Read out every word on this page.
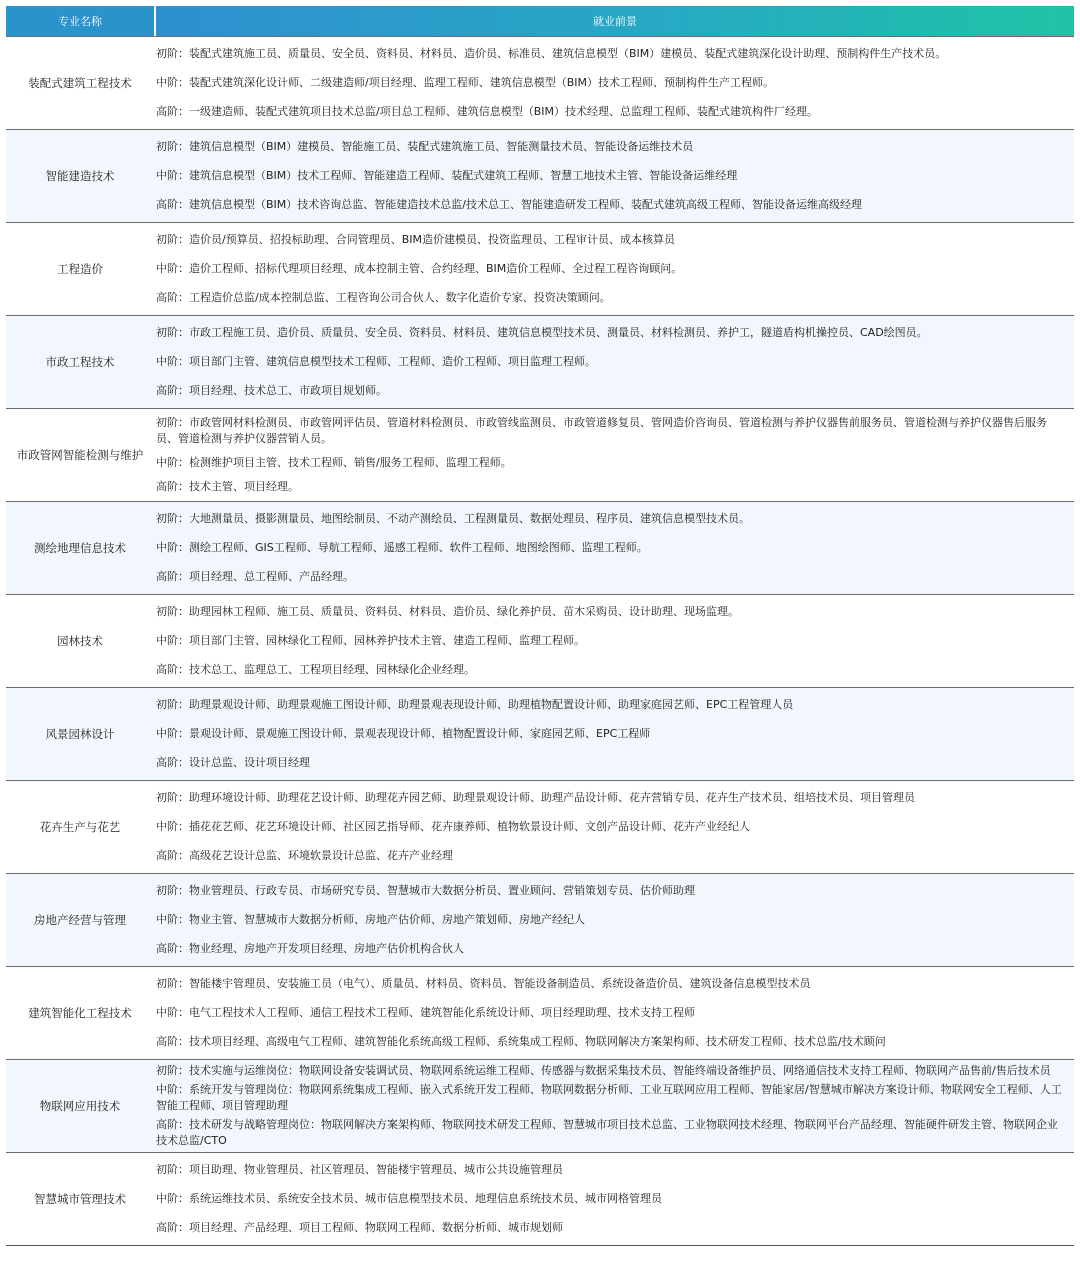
专业名称	就业前景
装配式建筑工程技术
初阶：装配式建筑施工员、质量员、安全员、资料员、材料员、造价员、标准员、建筑信息模型（BIM）建模员、装配式建筑深化设计助理、预制构件生产技术员。
中阶：装配式建筑深化设计师、二级建造师/项目经理、监理工程师、建筑信息模型（BIM）技术工程师、预制构件生产工程师。
高阶：一级建造师、装配式建筑项目技术总监/项目总工程师、建筑信息模型（BIM）技术经理、总监理工程师、装配式建筑构件厂经理。
智能建造技术
初阶：建筑信息模型（BIM）建模员、智能施工员、装配式建筑施工员、智能测量技术员、智能设备运维技术员
中阶：建筑信息模型（BIM）技术工程师、智能建造工程师、装配式建筑工程师、智慧工地技术主管、智能设备运维经理
高阶：建筑信息模型（BIM）技术咨询总监、智能建造技术总监/技术总工、智能建造研发工程师、装配式建筑高级工程师、智能设备运维高级经理
工程造价
初阶：造价员/预算员、招投标助理、合同管理员、BIM造价建模员、投资监理员、工程审计员、成本核算员
中阶：造价工程师、招标代理项目经理、成本控制主管、合约经理、BIM造价工程师、全过程工程咨询顾问。
高阶：工程造价总监/成本控制总监、工程咨询公司合伙人、数字化造价专家、投资决策顾问。
市政工程技术
初阶：市政工程施工员、造价员、质量员、安全员、资料员、材料员、建筑信息模型技术员、测量员、材料检测员、养护工，隧道盾构机操控员、CAD绘图员。
中阶：项目部门主管、建筑信息模型技术工程师、工程师、造价工程师、项目监理工程师。
高阶：项目经理、技术总工、市政项目规划师。
市政管网智能检测与维护
初阶：市政管网材料检测员、市政管网评估员、管道材料检测员、市政管线监测员、市政管道修复员、管网造价咨询员、管道检测与养护仪器售前服务员、管道检测与养护仪器售后服务员、管道检测与养护仪器营销人员。
中阶：检测维护项目主管、技术工程师、销售/服务工程师、监理工程师。
高阶：技术主管、项目经理。
测绘地理信息技术
初阶：大地测量员、摄影测量员、地图绘制员、不动产测绘员、工程测量员、数据处理员、程序员、建筑信息模型技术员。
中阶：测绘工程师、GIS工程师、导航工程师、遥感工程师、软件工程师、地图绘图师、监理工程师。
高阶：项目经理、总工程师、产品经理。
园林技术
初阶：助理园林工程师、施工员、质量员、资料员、材料员、造价员、绿化养护员、苗木采购员、设计助理、现场监理。
中阶：项目部门主管、园林绿化工程师、园林养护技术主管、建造工程师、监理工程师。
高阶：技术总工、监理总工、工程项目经理、园林绿化企业经理。
风景园林设计
初阶：助理景观设计师、助理景观施工图设计师、助理景观表现设计师、助理植物配置设计师、助理家庭园艺师、EPC工程管理人员
中阶：景观设计师、景观施工图设计师、景观表现设计师、植物配置设计师、家庭园艺师、EPC工程师
高阶：设计总监、设计项目经理
花卉生产与花艺
初阶：助理环境设计师、助理花艺设计师、助理花卉园艺师、助理景观设计师、助理产品设计师、花卉营销专员、花卉生产技术员、组培技术员、项目管理员
中阶：插花花艺师、花艺环境设计师、社区园艺指导师、花卉康养师、植物软景设计师、文创产品设计师、花卉产业经纪人
高阶：高级花艺设计总监、环境软景设计总监、花卉产业经理
房地产经营与管理
初阶：物业管理员、行政专员、市场研究专员、智慧城市大数据分析员、置业顾问、营销策划专员、估价师助理
中阶：物业主管、智慧城市大数据分析师、房地产估价师、房地产策划师、房地产经纪人
高阶：物业经理、房地产开发项目经理、房地产估价机构合伙人
建筑智能化工程技术
初阶：智能楼宇管理员、安装施工员（电气）、质量员、材料员、资料员、智能设备制造员、系统设备造价员、建筑设备信息模型技术员
中阶：电气工程技术人工程师、通信工程技术工程师、建筑智能化系统设计师、项目经理助理、技术支持工程师
高阶：技术项目经理、高级电气工程师、建筑智能化系统高级工程师、系统集成工程师、物联网解决方案架构师、技术研发工程师、技术总监/技术顾问
物联网应用技术
初阶：技术实施与运维岗位：物联网设备安装调试员、物联网系统运维工程师、传感器与数据采集技术员、智能终端设备维护员、网络通信技术支持工程师、物联网产品售前/售后技术员
中阶：系统开发与管理岗位：物联网系统集成工程师、嵌入式系统开发工程师、物联网数据分析师、工业互联网应用工程师、智能家居/智慧城市解决方案设计师、物联网安全工程师、人工智能工程师、项目管理助理
高阶：技术研发与战略管理岗位：物联网解决方案架构师、物联网技术研发工程师、智慧城市项目技术总监、工业物联网技术经理、物联网平台产品经理、智能硬件研发主管、物联网企业技术总监/CTO
智慧城市管理技术
初阶：项目助理、物业管理员、社区管理员、智能楼宇管理员、城市公共设施管理员
中阶：系统运维技术员、系统安全技术员、城市信息模型技术员、地理信息系统技术员、城市网格管理员
高阶：项目经理、产品经理、项目工程师、物联网工程师、数据分析师、城市规划师
